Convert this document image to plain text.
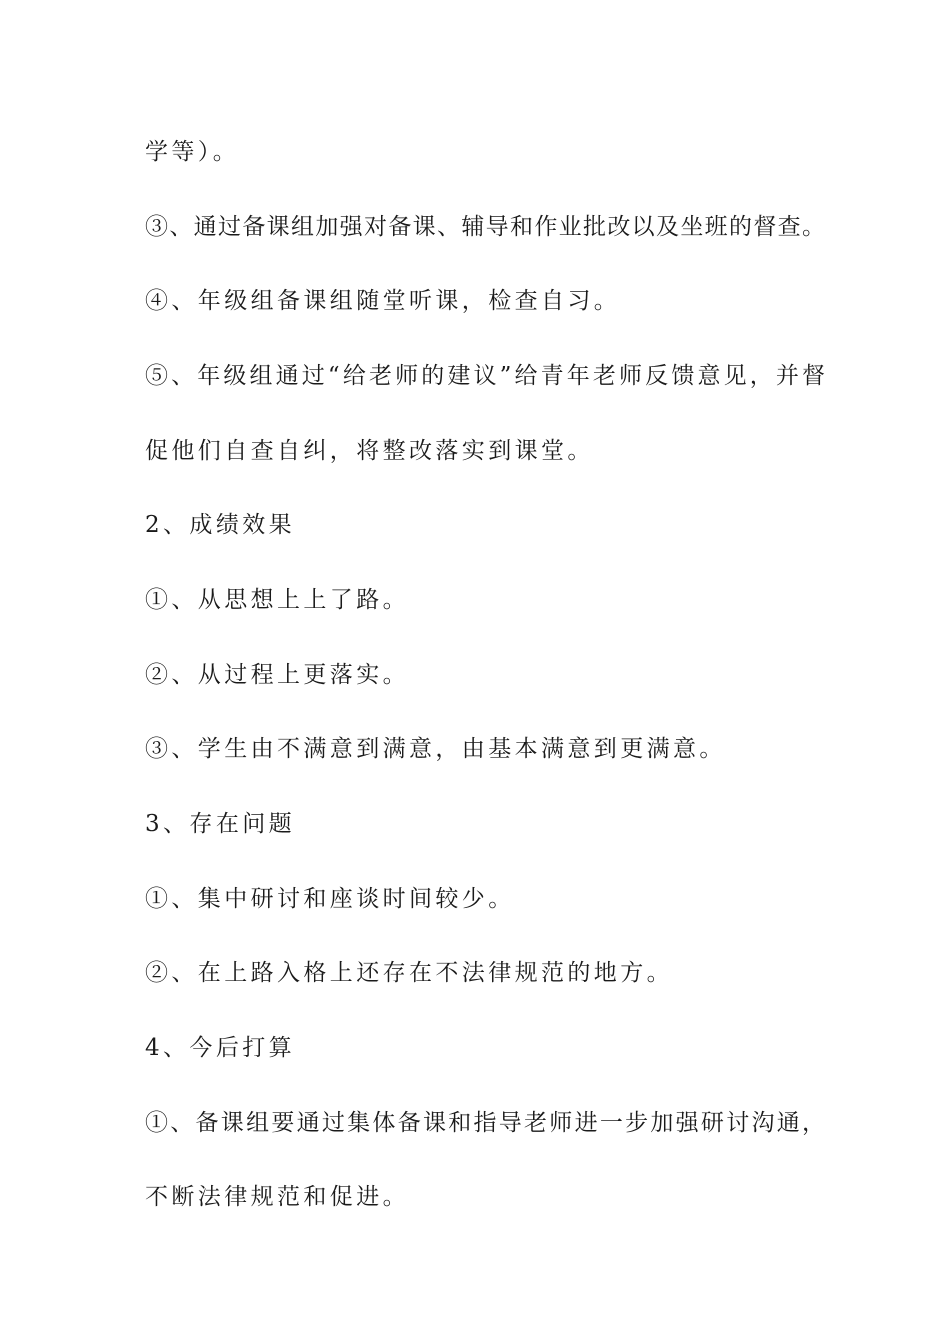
学等）。
③、通过备课组加强对备课、辅导和作业批改以及坐班的督查。
④、年级组备课组随堂听课，检查自习。
⑤、年级组通过“给老师的建议”给青年老师反馈意见，并督
促他们自查自纠，将整改落实到课堂。
2、成绩效果
①、从思想上上了路。
②、从过程上更落实。
③、学生由不满意到满意，由基本满意到更满意。
3、存在问题
①、集中研讨和座谈时间较少。
②、在上路入格上还存在不法律规范的地方。
4、今后打算
①、备课组要通过集体备课和指导老师进一步加强研讨沟通，
不断法律规范和促进。
